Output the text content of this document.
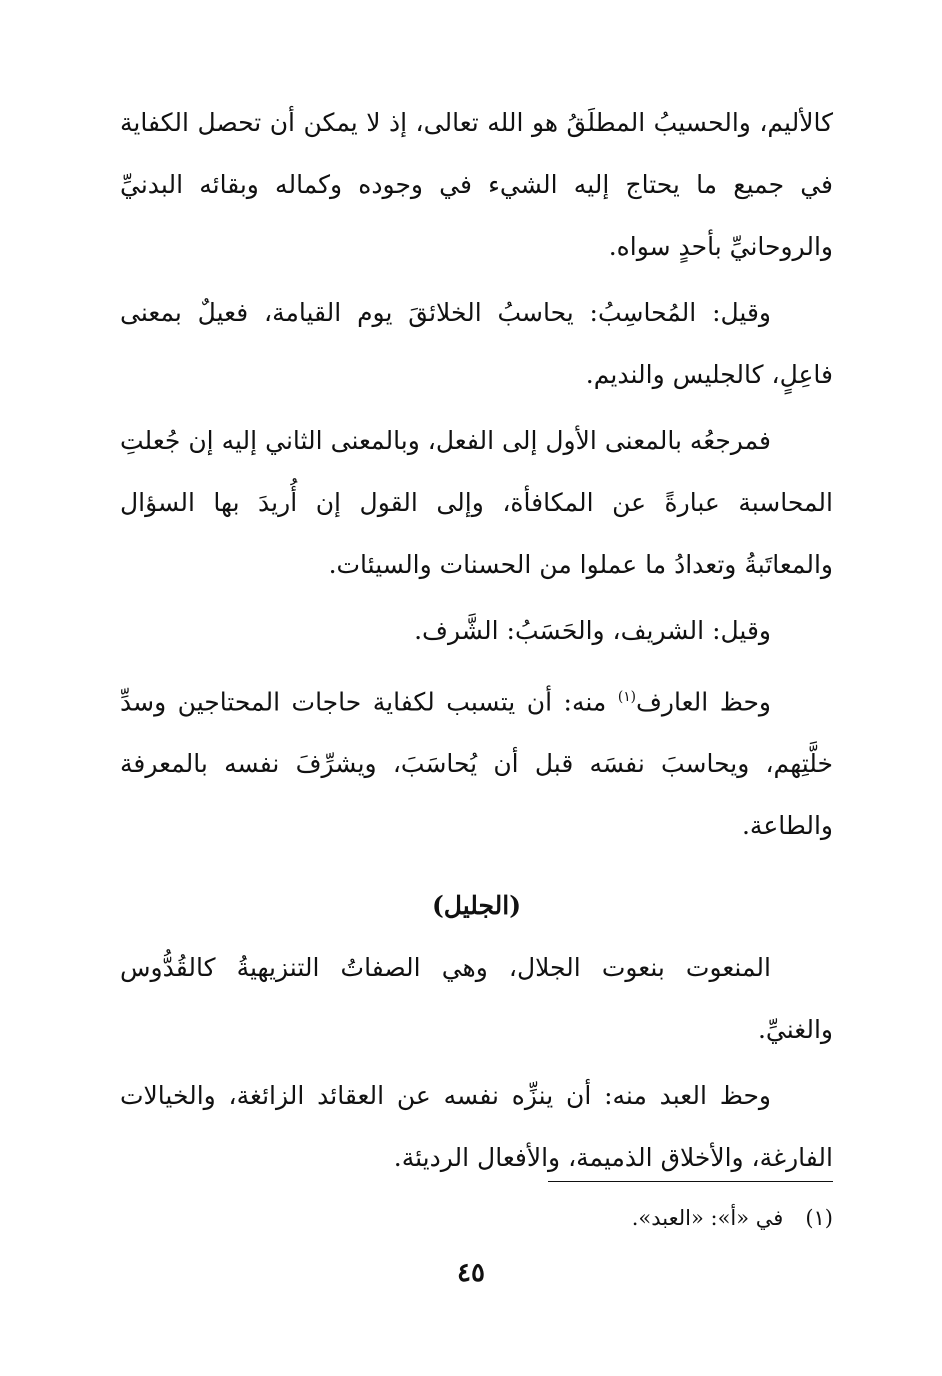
كالأليم، والحسيبُ المطلَقُ هو الله تعالى، إذ لا يمكن أن تحصل الكفاية في جميع ما يحتاج إليه الشيء في وجوده وكماله وبقائه البدنيِّ والروحانيِّ بأحدٍ سواه.

وقيل: المُحاسِبُ: يحاسبُ الخلائقَ يوم القيامة، فعيلٌ بمعنى فاعِلٍ، كالجليس والنديم.

فمرجعُه بالمعنى الأول إلى الفعل، وبالمعنى الثاني إليه إن جُعلتِ المحاسبة عبارةً عن المكافأة، وإلى القول إن أُريدَ بها السؤال والمعاتَبةُ وتعدادُ ما عملوا من الحسنات والسيئات.

وقيل: الشريف، والحَسَبُ: الشَّرف.

وحظ العارف$^{(١)}$ منه: أن يتسبب لكفاية حاجات المحتاجين وسدِّ خلَّتِهم، ويحاسبَ نفسَه قبل أن يُحاسَبَ، ويشرِّفَ نفسه بالمعرفة والطاعة.

(الجليل)

المنعوت بنعوت الجلال، وهي الصفاتُ التنزيهيةُ كالقُدُّوس والغنيِّ.

وحظ العبد منه: أن ينزِّه نفسه عن العقائد الزائغة، والخيالات الفارغة، والأخلاق الذميمة، والأفعال الرديئة.

(١)في «أ»: «العبد».
٤٥
